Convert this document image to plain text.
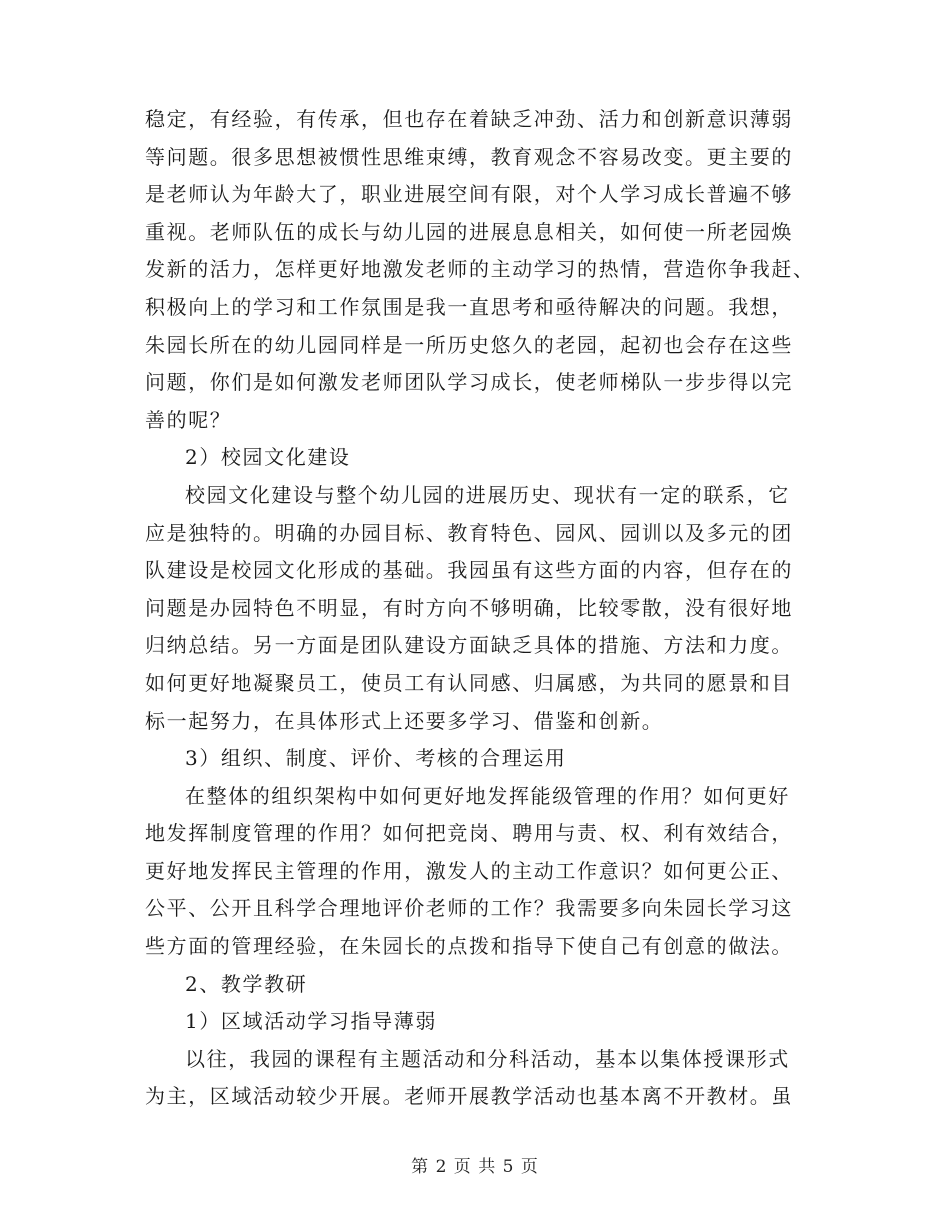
稳定，有经验，有传承，但也存在着缺乏冲劲、活力和创新意识薄弱
等问题。很多思想被惯性思维束缚，教育观念不容易改变。更主要的
是老师认为年龄大了，职业进展空间有限，对个人学习成长普遍不够
重视。老师队伍的成长与幼儿园的进展息息相关，如何使一所老园焕
发新的活力，怎样更好地激发老师的主动学习的热情，营造你争我赶、
积极向上的学习和工作氛围是我一直思考和亟待解决的问题。我想，
朱园长所在的幼儿园同样是一所历史悠久的老园，起初也会存在这些
问题，你们是如何激发老师团队学习成长，使老师梯队一步步得以完
善的呢？
2）校园文化建设
校园文化建设与整个幼儿园的进展历史、现状有一定的联系，它
应是独特的。明确的办园目标、教育特色、园风、园训以及多元的团
队建设是校园文化形成的基础。我园虽有这些方面的内容，但存在的
问题是办园特色不明显，有时方向不够明确，比较零散，没有很好地
归纳总结。另一方面是团队建设方面缺乏具体的措施、方法和力度。
如何更好地凝聚员工，使员工有认同感、归属感，为共同的愿景和目
标一起努力，在具体形式上还要多学习、借鉴和创新。
3）组织、制度、评价、考核的合理运用
在整体的组织架构中如何更好地发挥能级管理的作用？如何更好
地发挥制度管理的作用？如何把竞岗、聘用与责、权、利有效结合，
更好地发挥民主管理的作用，激发人的主动工作意识？如何更公正、
公平、公开且科学合理地评价老师的工作？我需要多向朱园长学习这
些方面的管理经验，在朱园长的点拨和指导下使自己有创意的做法。
2、教学教研
1）区域活动学习指导薄弱
以往，我园的课程有主题活动和分科活动，基本以集体授课形式
为主，区域活动较少开展。老师开展教学活动也基本离不开教材。虽
第 2 页 共 5 页
